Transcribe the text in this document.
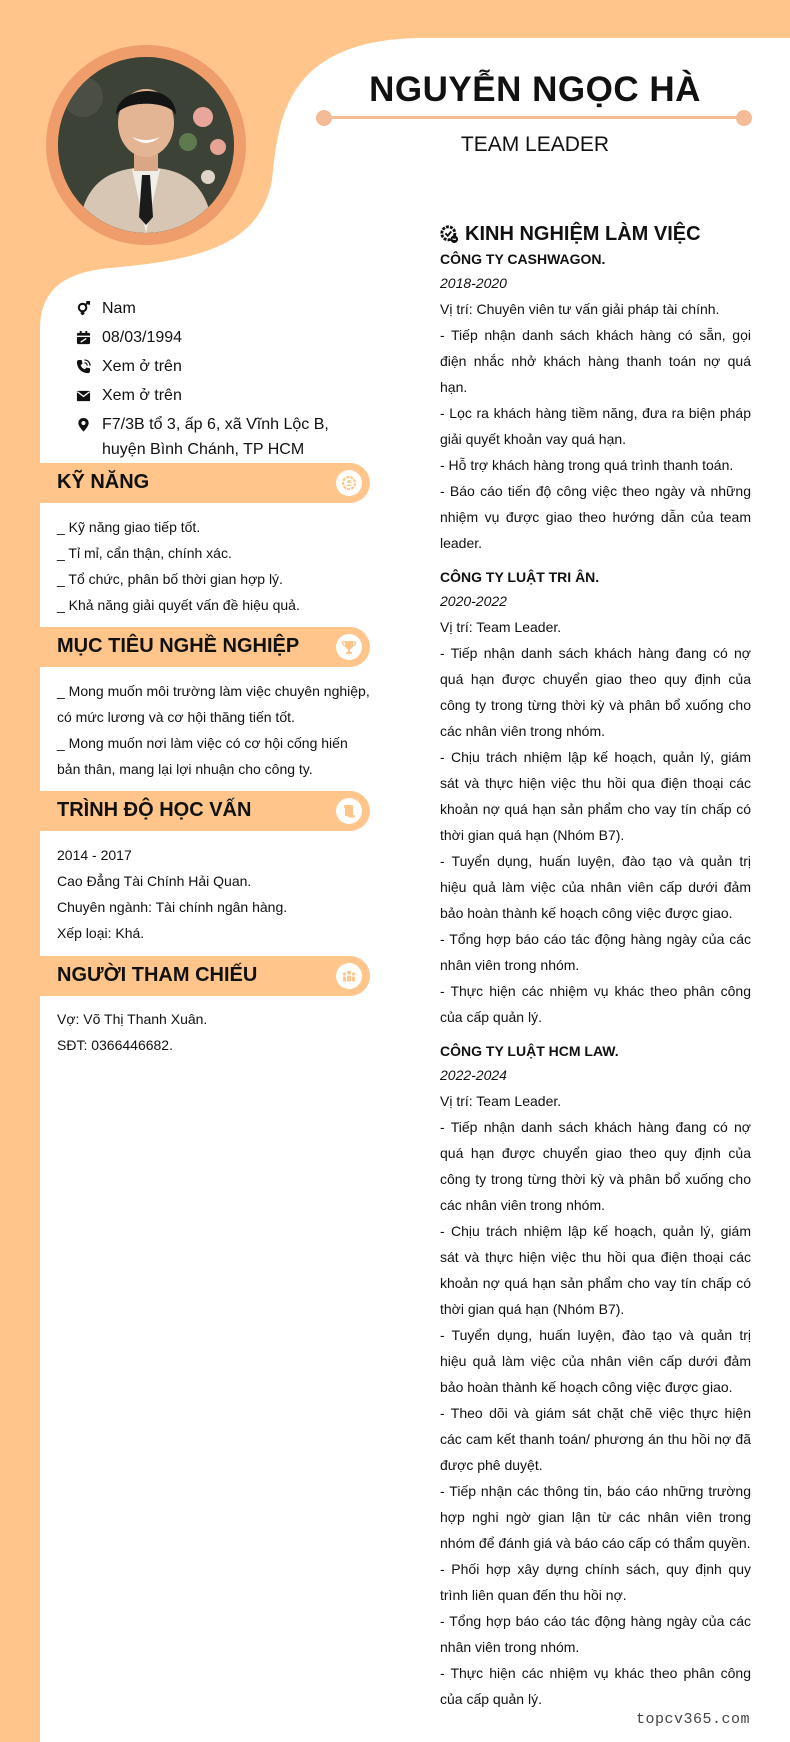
NGUYỄN NGỌC HÀ
TEAM LEADER
Nam
08/03/1994
Xem ở trên
Xem ở trên
F7/3B tổ 3, ấp 6, xã Vĩnh Lộc B, huyện Bình Chánh, TP HCM
KỸ NĂNG
_ Kỹ năng giao tiếp tốt.
_ Tỉ mỉ, cẩn thận, chính xác.
_ Tổ chức, phân bố thời gian hợp lý.
_ Khả năng giải quyết vấn đề hiệu quả.
MỤC TIÊU NGHỀ NGHIỆP
_ Mong muốn môi trường làm việc chuyên nghiệp, có mức lương và cơ hội thăng tiến tốt.
_ Mong muốn nơi làm việc có cơ hội cống hiến bản thân, mang lại lợi nhuận cho công ty.
TRÌNH ĐỘ HỌC VẤN
2014 - 2017
Cao Đẳng Tài Chính Hải Quan.
Chuyên ngành: Tài chính ngân hàng.
Xếp loại: Khá.
NGƯỜI THAM CHIẾU
Vợ: Võ Thị Thanh Xuân.
SĐT: 0366446682.
KINH NGHIỆM LÀM VIỆC
CÔNG TY CASHWAGON.
2018-2020
Vị trí: Chuyên viên tư vấn giải pháp tài chính.
- Tiếp nhận danh sách khách hàng có sẵn, gọi điện nhắc nhở khách hàng thanh toán nợ quá hạn.
- Lọc ra khách hàng tiềm năng, đưa ra biện pháp giải quyết khoản vay quá hạn.
- Hỗ trợ khách hàng trong quá trình thanh toán.
- Báo cáo tiến độ công việc theo ngày và những nhiệm vụ được giao theo hướng dẫn của team leader.
CÔNG TY LUẬT TRI ÂN.
2020-2022
Vị trí: Team Leader.
- Tiếp nhận danh sách khách hàng đang có nợ quá hạn được chuyển giao theo quy định của công ty trong từng thời kỳ và phân bổ xuống cho các nhân viên trong nhóm.
- Chịu trách nhiệm lập kế hoạch, quản lý, giám sát và thực hiện việc thu hồi qua điện thoại các khoản nợ quá hạn sản phẩm cho vay tín chấp có thời gian quá hạn (Nhóm B7).
- Tuyển dụng, huấn luyện, đào tạo và quản trị hiệu quả làm việc của nhân viên cấp dưới đảm bảo hoàn thành kế hoạch công việc được giao.
- Tổng hợp báo cáo tác động hàng ngày của các nhân viên trong nhóm.
- Thực hiện các nhiệm vụ khác theo phân công của cấp quản lý.
CÔNG TY LUẬT HCM LAW.
2022-2024
Vị trí: Team Leader.
- Tiếp nhận danh sách khách hàng đang có nợ quá hạn được chuyển giao theo quy định của công ty trong từng thời kỳ và phân bổ xuống cho các nhân viên trong nhóm.
- Chịu trách nhiệm lập kế hoạch, quản lý, giám sát và thực hiện việc thu hồi qua điện thoại các khoản nợ quá hạn sản phẩm cho vay tín chấp có thời gian quá hạn (Nhóm B7).
- Tuyển dụng, huấn luyện, đào tạo và quản trị hiệu quả làm việc của nhân viên cấp dưới đảm bảo hoàn thành kế hoạch công việc được giao.
- Theo dõi và giám sát chặt chẽ việc thực hiện các cam kết thanh toán/ phương án thu hồi nợ đã được phê duyệt.
- Tiếp nhận các thông tin, báo cáo những trường hợp nghi ngờ gian lận từ các nhân viên trong nhóm để đánh giá và báo cáo cấp có thẩm quyền.
- Phối hợp xây dựng chính sách, quy định quy trình liên quan đến thu hồi nợ.
- Tổng hợp báo cáo tác động hàng ngày của các nhân viên trong nhóm.
- Thực hiện các nhiệm vụ khác theo phân công của cấp quản lý.
topcv365.com
